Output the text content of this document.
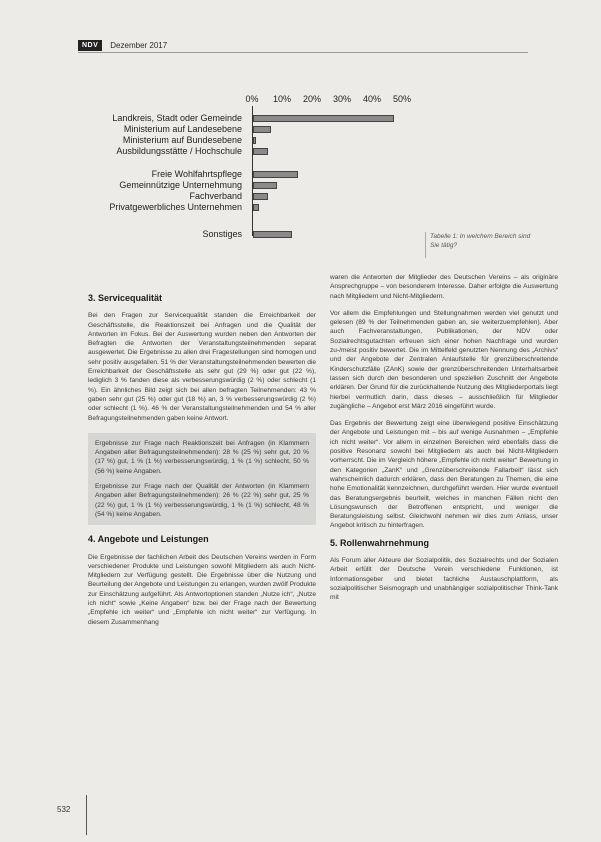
NDV	Dezember 2017
0% 10% 20% 30% 40% 50%
Landkreis, Stadt oder Gemeinde
Ministerium auf Landesebene
Ministerium auf Bundesebene
Ausbildungsstätte / Hochschule
Freie Wohlfahrtspflege
Gemeinnützige Unternehmung
Fachverband
Privatgewerbliches Unternehmen
Sonstiges	Tabelle 1: In welchem Bereich sind Sie tätig?
3. Servicequalität

Bei den Fragen zur Servicequalität standen die Erreichbarkeit der Geschäftsstelle, die Reaktionszeit bei Anfragen und die Qualität der Antworten im Fokus. Bei der Auswertung wurden neben den Antworten der Befragten die Antworten der Veranstaltungsteilnehmenden separat ausgewertet. Die Ergebnisse zu allen drei Fragestellungen sind homogen und sehr positiv ausgefallen. 51 % der Veranstaltungsteilnehmenden bewerten die Erreichbarkeit der Geschäftsstelle als sehr gut (29 %) oder gut (22 %), lediglich 3 % fanden diese als verbesserungswürdig (2 %) oder schlecht (1 %). Ein ähnliches Bild zeigt sich bei allen befragten Teilnehmenden: 43 % gaben sehr gut (25 %) oder gut (18 %) an, 3 % verbesserungswürdig (2 %) oder schlecht (1 %). 46 % der Veranstaltungsteilnehmenden und 54 % aller Befragungsteilnehmenden gaben keine Antwort.

Ergebnisse zur Frage nach Reaktionszeit bei Anfragen (in Klammern Angaben aller Befragungsteilnehmenden): 28 % (25 %) sehr gut, 20 % (17 %) gut, 1 % (1 %) verbesserungswürdig, 1 % (1 %) schlecht, 50 % (56 %) keine Angaben.

Ergebnisse zur Frage nach der Qualität der Antworten (in Klammern Angaben aller Befragungsteilnehmenden): 26 % (22 %) sehr gut, 25 % (22 %) gut, 1 % (1 %) verbesserungswürdig, 1 % (1 %) schlecht, 48 % (54 %) keine Angaben.

4. Angebote und Leistungen

Die Ergebnisse der fachlichen Arbeit des Deutschen Vereins werden in Form verschiedener Produkte und Leistungen sowohl Mitgliedern als auch Nicht-Mitgliedern zur Verfügung gestellt. Die Ergebnisse über die Nutzung und Beurteilung der Angebote und Leistungen zu erlangen, wurden zwölf Produkte zur Einschätzung aufgeführt. Als Antwortoptionen standen „Nutze ich“, „Nutze ich nicht“ sowie „Keine Angaben“ bzw. bei der Frage nach der Bewertung „Empfehle ich weiter“ und „Empfehle ich nicht weiter“ zur Verfügung. In diesem Zusammenhang

waren die Antworten der Mitglieder des Deutschen Vereins – als originäre Ansprechgruppe – von besonderem Interesse. Daher erfolgte die Auswertung nach Mitgliedern und Nicht-Mitgliedern.

Vor allem die Empfehlungen und Stellungnahmen werden viel genutzt und gelesen (89 % der Teilnehmenden gaben an, sie weiterzuempfehlen). Aber auch Fachveranstaltungen, Publikationen, der NDV oder Sozialrechtsgutachten erfreuen sich einer hohen Nachfrage und wurden zu-/meist positiv bewertet. Die im Mittelfeld genutzten Nennung des „Archivs“ und der Angebote der Zentralen Anlaufstelle für grenzüberschreitende Kinderschutzfälle (ZAnK) sowie der grenzüberschreitenden Unterhaltsarbeit lassen sich durch den besonderen und speziellen Zuschnitt der Angebote erklären. Der Grund für die zurückhaltende Nutzung des Mitgliederportals liegt hierbei vermutlich darin, dass dieses – ausschließlich für Mitglieder zugängliche – Angebot erst März 2016 eingeführt wurde.

Das Ergebnis der Bewertung zeigt eine überwiegend positive Einschätzung der Angebote und Leistungen mit – bis auf wenige Ausnahmen – „Empfehle ich nicht weiter“. Vor allem in einzelnen Bereichen wird ebenfalls dass die positive Resonanz sowohl bei Mitgliedern als auch bei Nicht-Mitgliedern vorherrscht. Die im Vergleich höhere „Empfehle ich nicht weiter“ Bewertung in den Kategorien „ZanK“ und „Grenzüberschreitende Fallarbeit“ lässt sich wahrscheinlich dadurch erklären, dass den Beratungen zu Themen, die eine hohe Emotionalität kennzeichnen, durchgeführt werden. Hier wurde eventuell das Beratungsergebnis beurteilt, welches in manchen Fällen nicht den Lösungswunsch der Betroffenen entspricht, und weniger die Beratungsleistung selbst. Gleichwohl nehmen wir dies zum Anlass, unser Angebot kritisch zu hinterfragen.

5. Rollenwahrnehmung

Als Forum aller Akteure der Sozialpolitik, des Sozialrechts und der Sozialen Arbeit erfüllt der Deutsche Verein verschiedene Funktionen, ist Informationsgeber und bietet fachliche Austauschplattform, als sozialpolitischer Seismograph und unabhängiger sozialpolitischer Think-Tank mit

532
